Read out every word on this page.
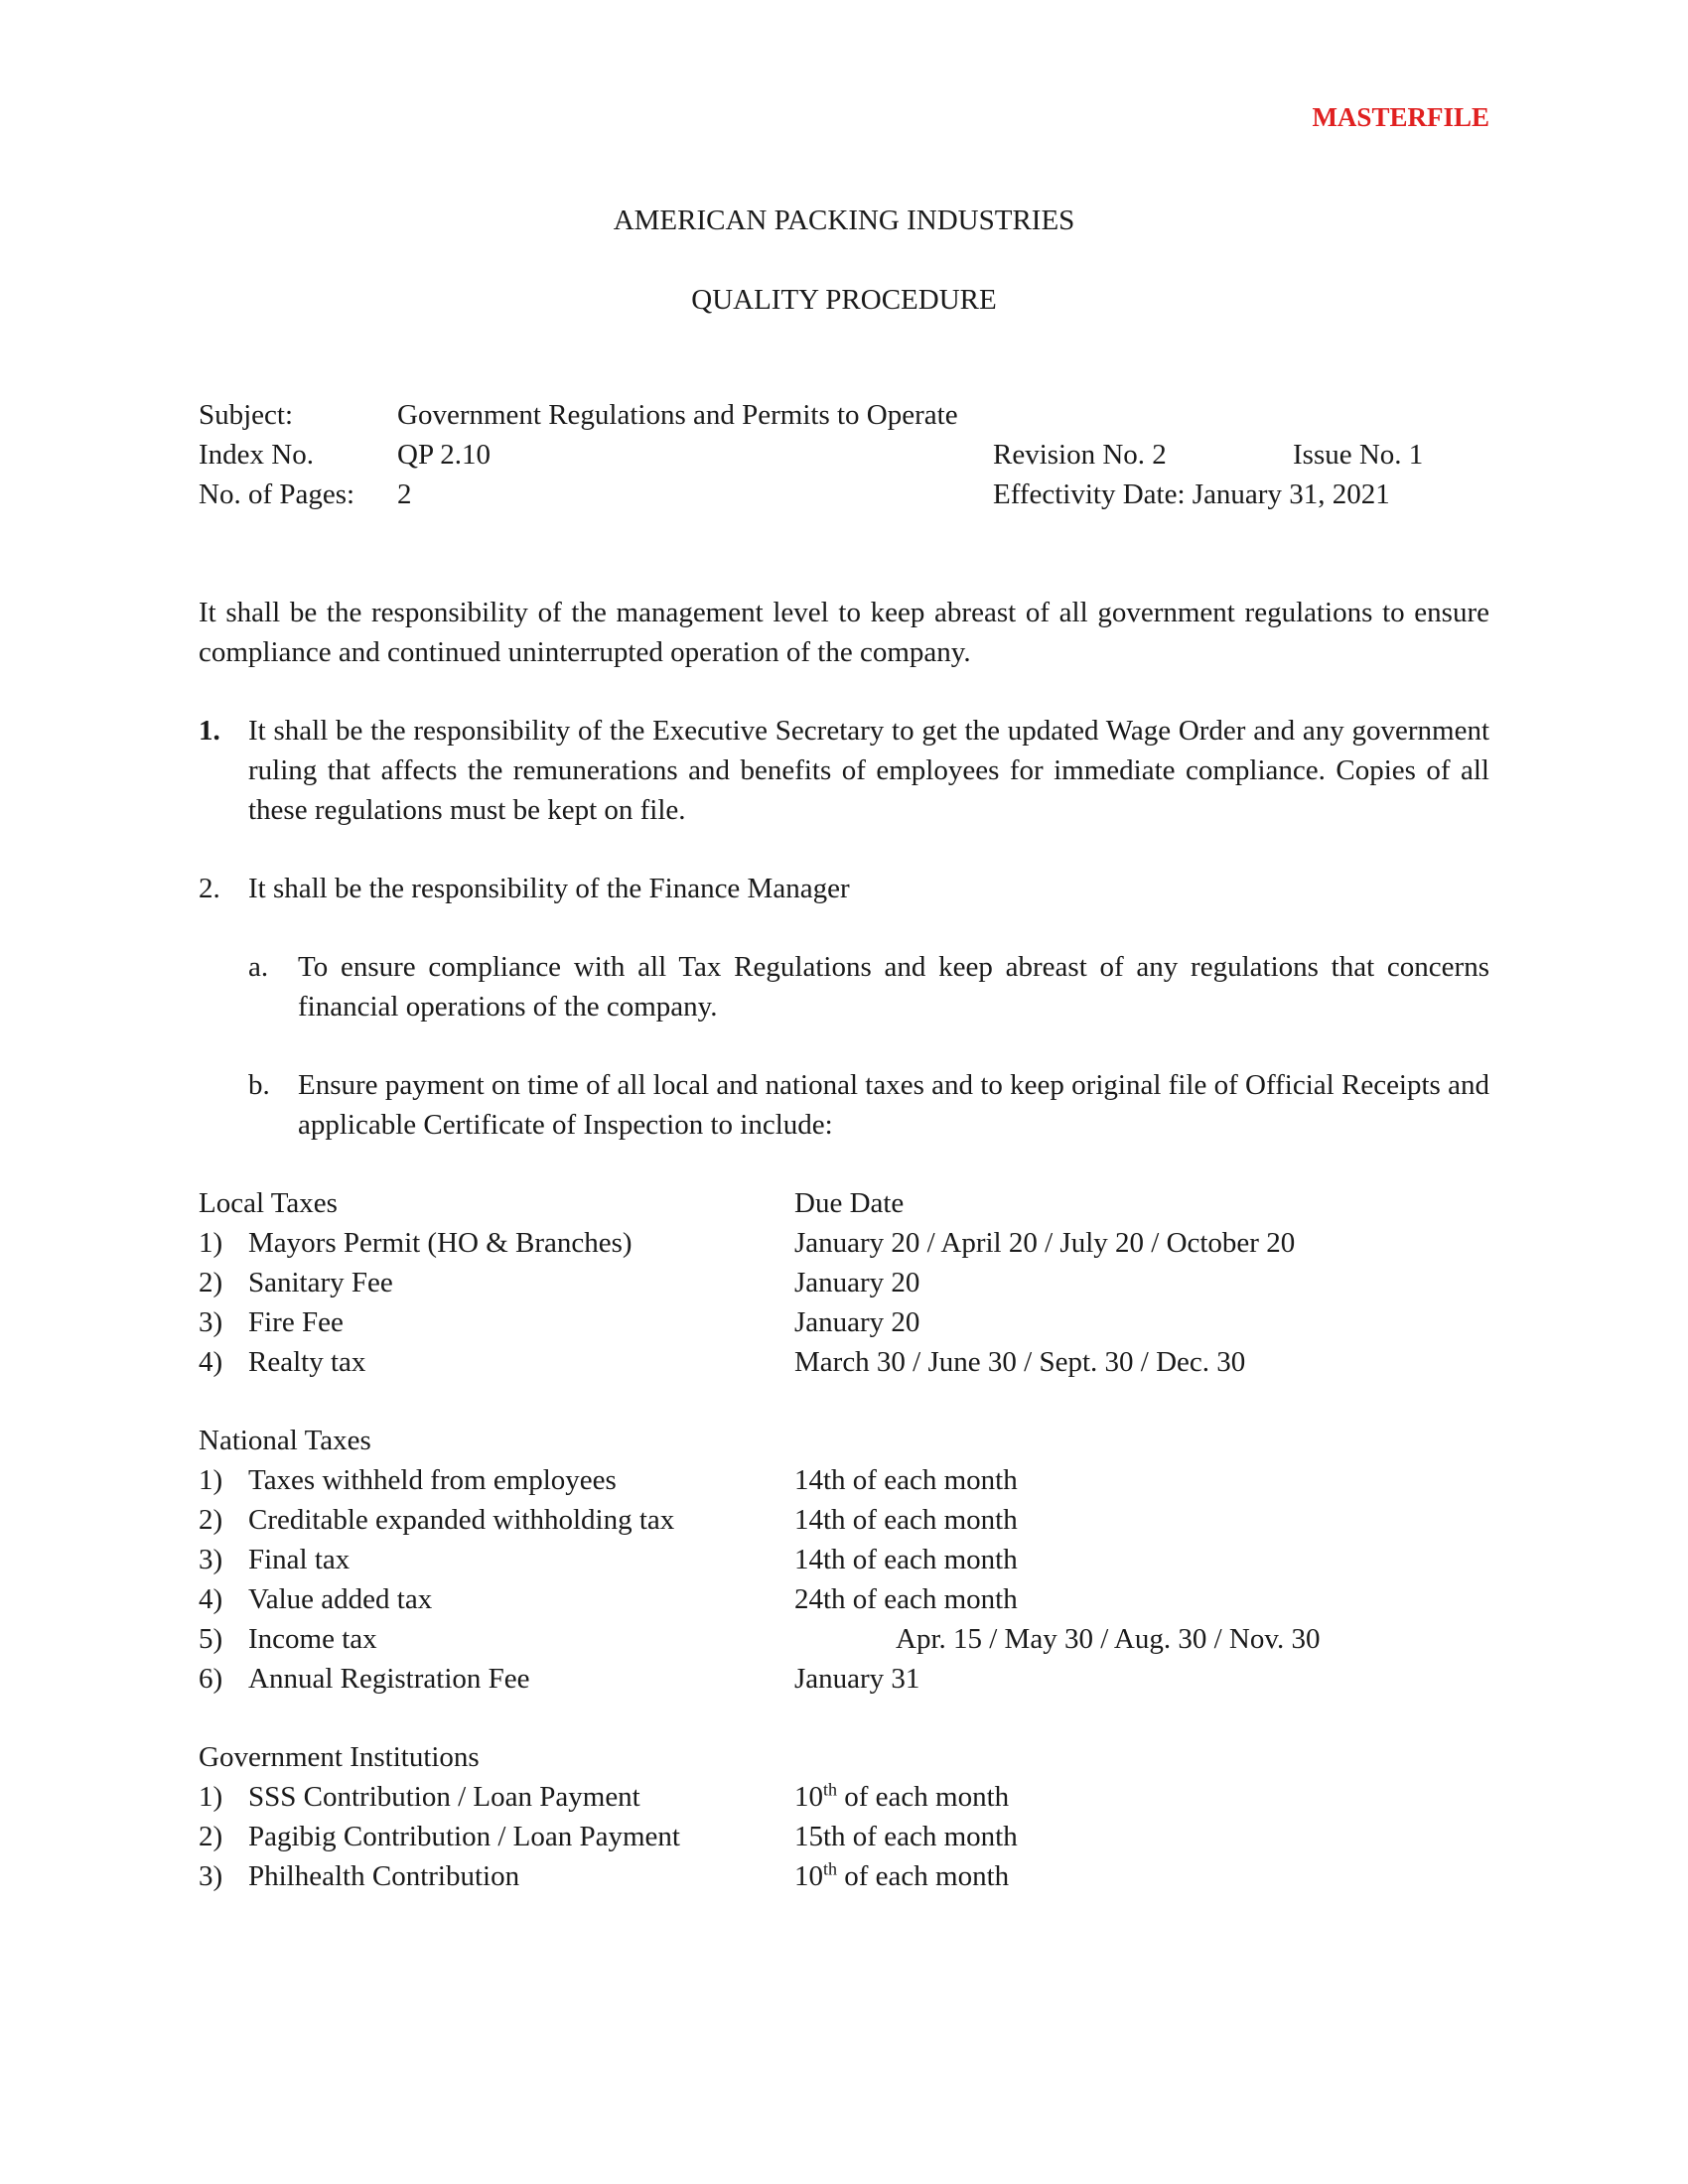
MASTERFILE
AMERICAN PACKING INDUSTRIES
QUALITY PROCEDURE
Subject:	Government Regulations and Permits to Operate
Index No.	QP 2.10	Revision No. 2	Issue No. 1
No. of Pages: 2	Effectivity Date: January 31, 2021
It shall be the responsibility of the management level to keep abreast of all government regulations to ensure compliance and continued uninterrupted operation of the company.
1. It shall be the responsibility of the Executive Secretary to get the updated Wage Order and any government ruling that affects the remunerations and benefits of employees for immediate compliance. Copies of all these regulations must be kept on file.
2. It shall be the responsibility of the Finance Manager
a. To ensure compliance with all Tax Regulations and keep abreast of any regulations that concerns financial operations of the company.
b. Ensure payment on time of all local and national taxes and to keep original file of Official Receipts and applicable Certificate of Inspection to include:
Local Taxes	Due Date
1) Mayors Permit (HO & Branches)	January 20 / April 20 / July 20 / October 20
2) Sanitary Fee	January 20
3) Fire Fee	January 20
4) Realty tax	March 30 / June 30 / Sept. 30 / Dec. 30
National Taxes
1) Taxes withheld from employees	14th of each month
2) Creditable expanded withholding tax	14th of each month
3) Final tax	14th of each month
4) Value added tax	24th of each month
5) Income tax	Apr. 15 / May 30 / Aug. 30 / Nov. 30
6) Annual Registration Fee	January 31
Government Institutions
1) SSS Contribution / Loan Payment	10th of each month
2) Pagibig Contribution / Loan Payment	15th of each month
3) Philhealth Contribution	10th of each month
